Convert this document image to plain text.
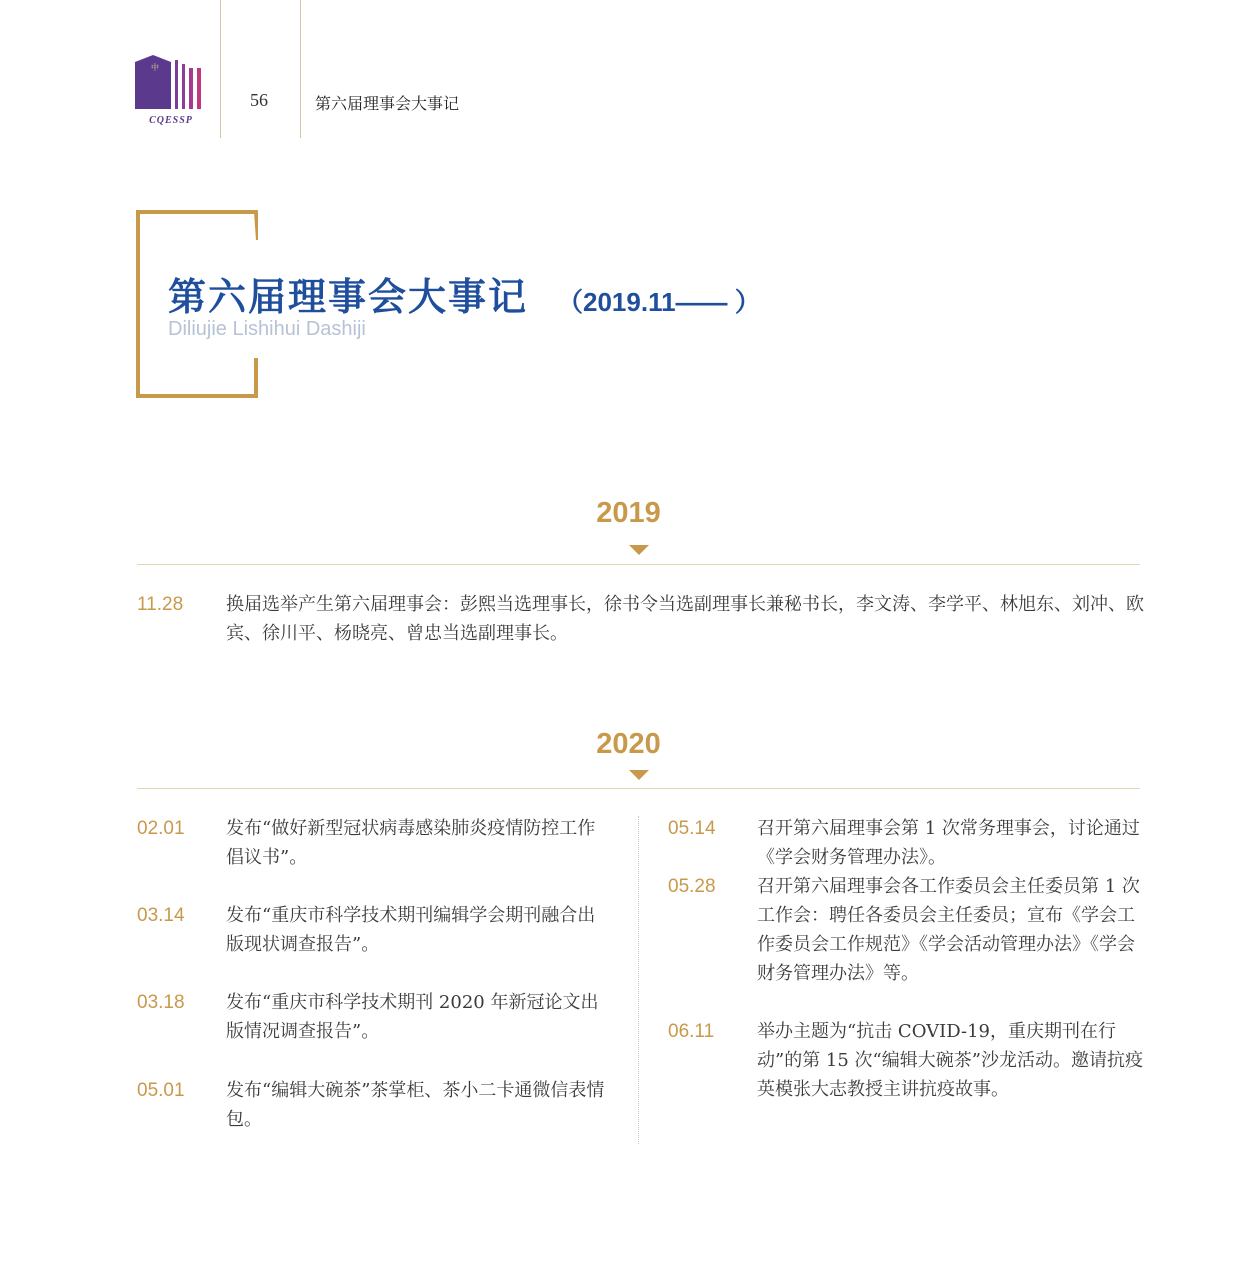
中
CQESSP
56	第六届理事会大事记
第六届理事会大事记 （2019.11—— ）
Diliujie Lishihui Dashiji
2019
11.28 换届选举产生第六届理事会：彭熙当选理事长，徐书令当选副理事长兼秘书长，李文涛、李学平、林旭东、刘冲、欧宾、徐川平、杨晓亮、曾忠当选副理事长。

2020
02.01 发布“做好新型冠状病毒感染肺炎疫情防控工作倡议书”。

03.14 发布“重庆市科学技术期刊编辑学会期刊融合出版现状调查报告”。

03.18 发布“重庆市科学技术期刊 2020 年新冠论文出版情况调查报告”。

05.01 发布“编辑大碗茶”茶掌柜、茶小二卡通微信表情包。

05.14 召开第六届理事会第 1 次常务理事会，讨论通过《学会财务管理办法》。

05.28 召开第六届理事会各工作委员会主任委员第 1 次工作会：聘任各委员会主任委员；宣布《学会工作委员会工作规范》《学会活动管理办法》《学会财务管理办法》等。

06.11 举办主题为“抗击 COVID-19，重庆期刊在行动”的第 15 次“编辑大碗茶”沙龙活动。邀请抗疫英模张大志教授主讲抗疫故事。
